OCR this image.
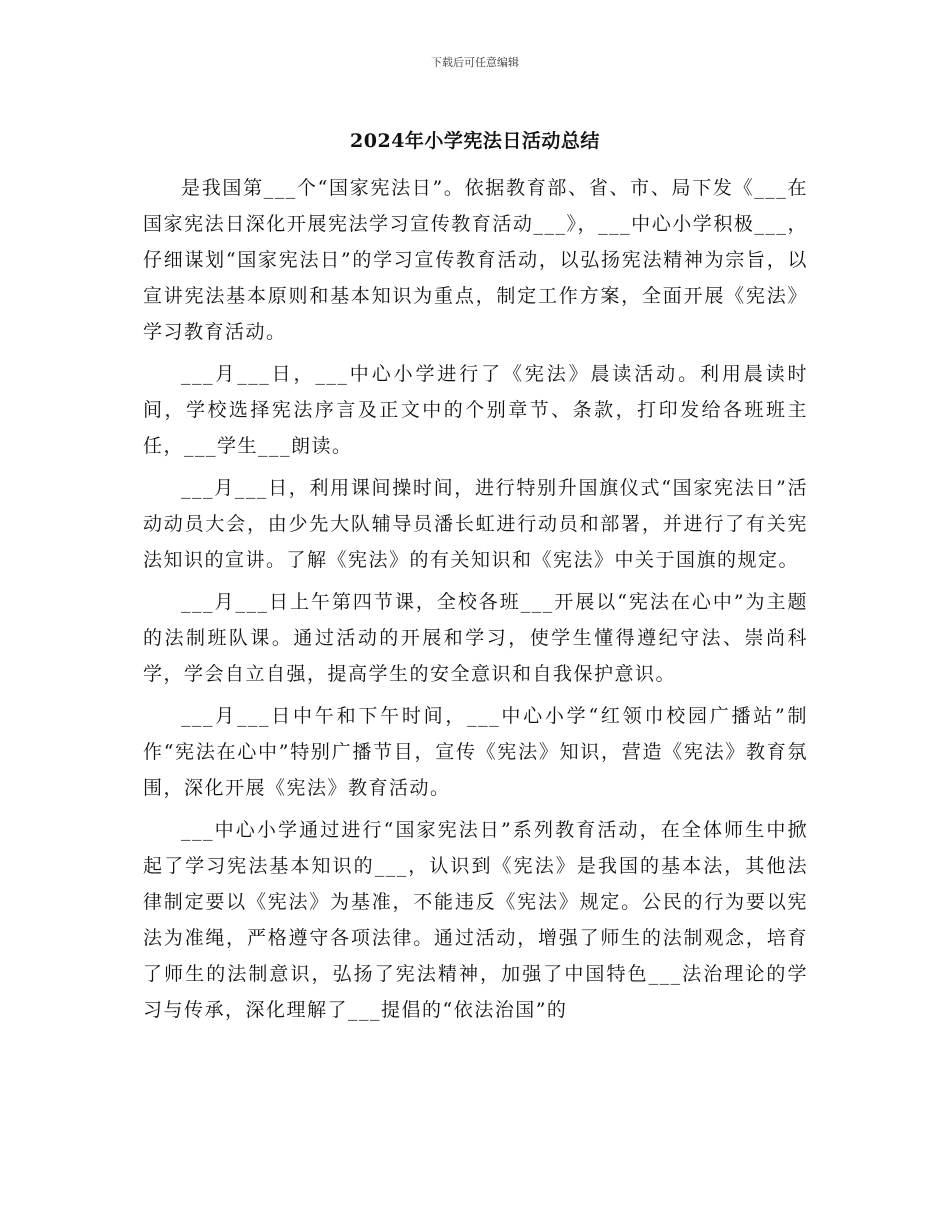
下载后可任意编辑
2024年小学宪法日活动总结

是我国第___个“国家宪法日”。依据教育部、省、市、局下发《___在国家宪法日深化开展宪法学习宣传教育活动___》，___中心小学积极___，仔细谋划“国家宪法日”的学习宣传教育活动，以弘扬宪法精神为宗旨，以宣讲宪法基本原则和基本知识为重点，制定工作方案，全面开展《宪法》学习教育活动。

___月___日，___中心小学进行了《宪法》晨读活动。利用晨读时间，学校选择宪法序言及正文中的个别章节、条款，打印发给各班班主任，___学生___朗读。

___月___日，利用课间操时间，进行特别升国旗仪式“国家宪法日”活动动员大会，由少先大队辅导员潘长虹进行动员和部署，并进行了有关宪法知识的宣讲。了解《宪法》的有关知识和《宪法》中关于国旗的规定。

___月___日上午第四节课，全校各班___开展以“宪法在心中”为主题的法制班队课。通过活动的开展和学习，使学生懂得遵纪守法、崇尚科学，学会自立自强，提高学生的安全意识和自我保护意识。

___月___日中午和下午时间，___中心小学“红领巾校园广播站”制作“宪法在心中”特别广播节目，宣传《宪法》知识，营造《宪法》教育氛围，深化开展《宪法》教育活动。

___中心小学通过进行“国家宪法日”系列教育活动，在全体师生中掀起了学习宪法基本知识的___，认识到《宪法》是我国的基本法，其他法律制定要以《宪法》为基准，不能违反《宪法》规定。公民的行为要以宪法为准绳，严格遵守各项法律。通过活动，增强了师生的法制观念，培育了师生的法制意识，弘扬了宪法精神，加强了中国特色___法治理论的学习与传承，深化理解了___提倡的“依法治国”的
